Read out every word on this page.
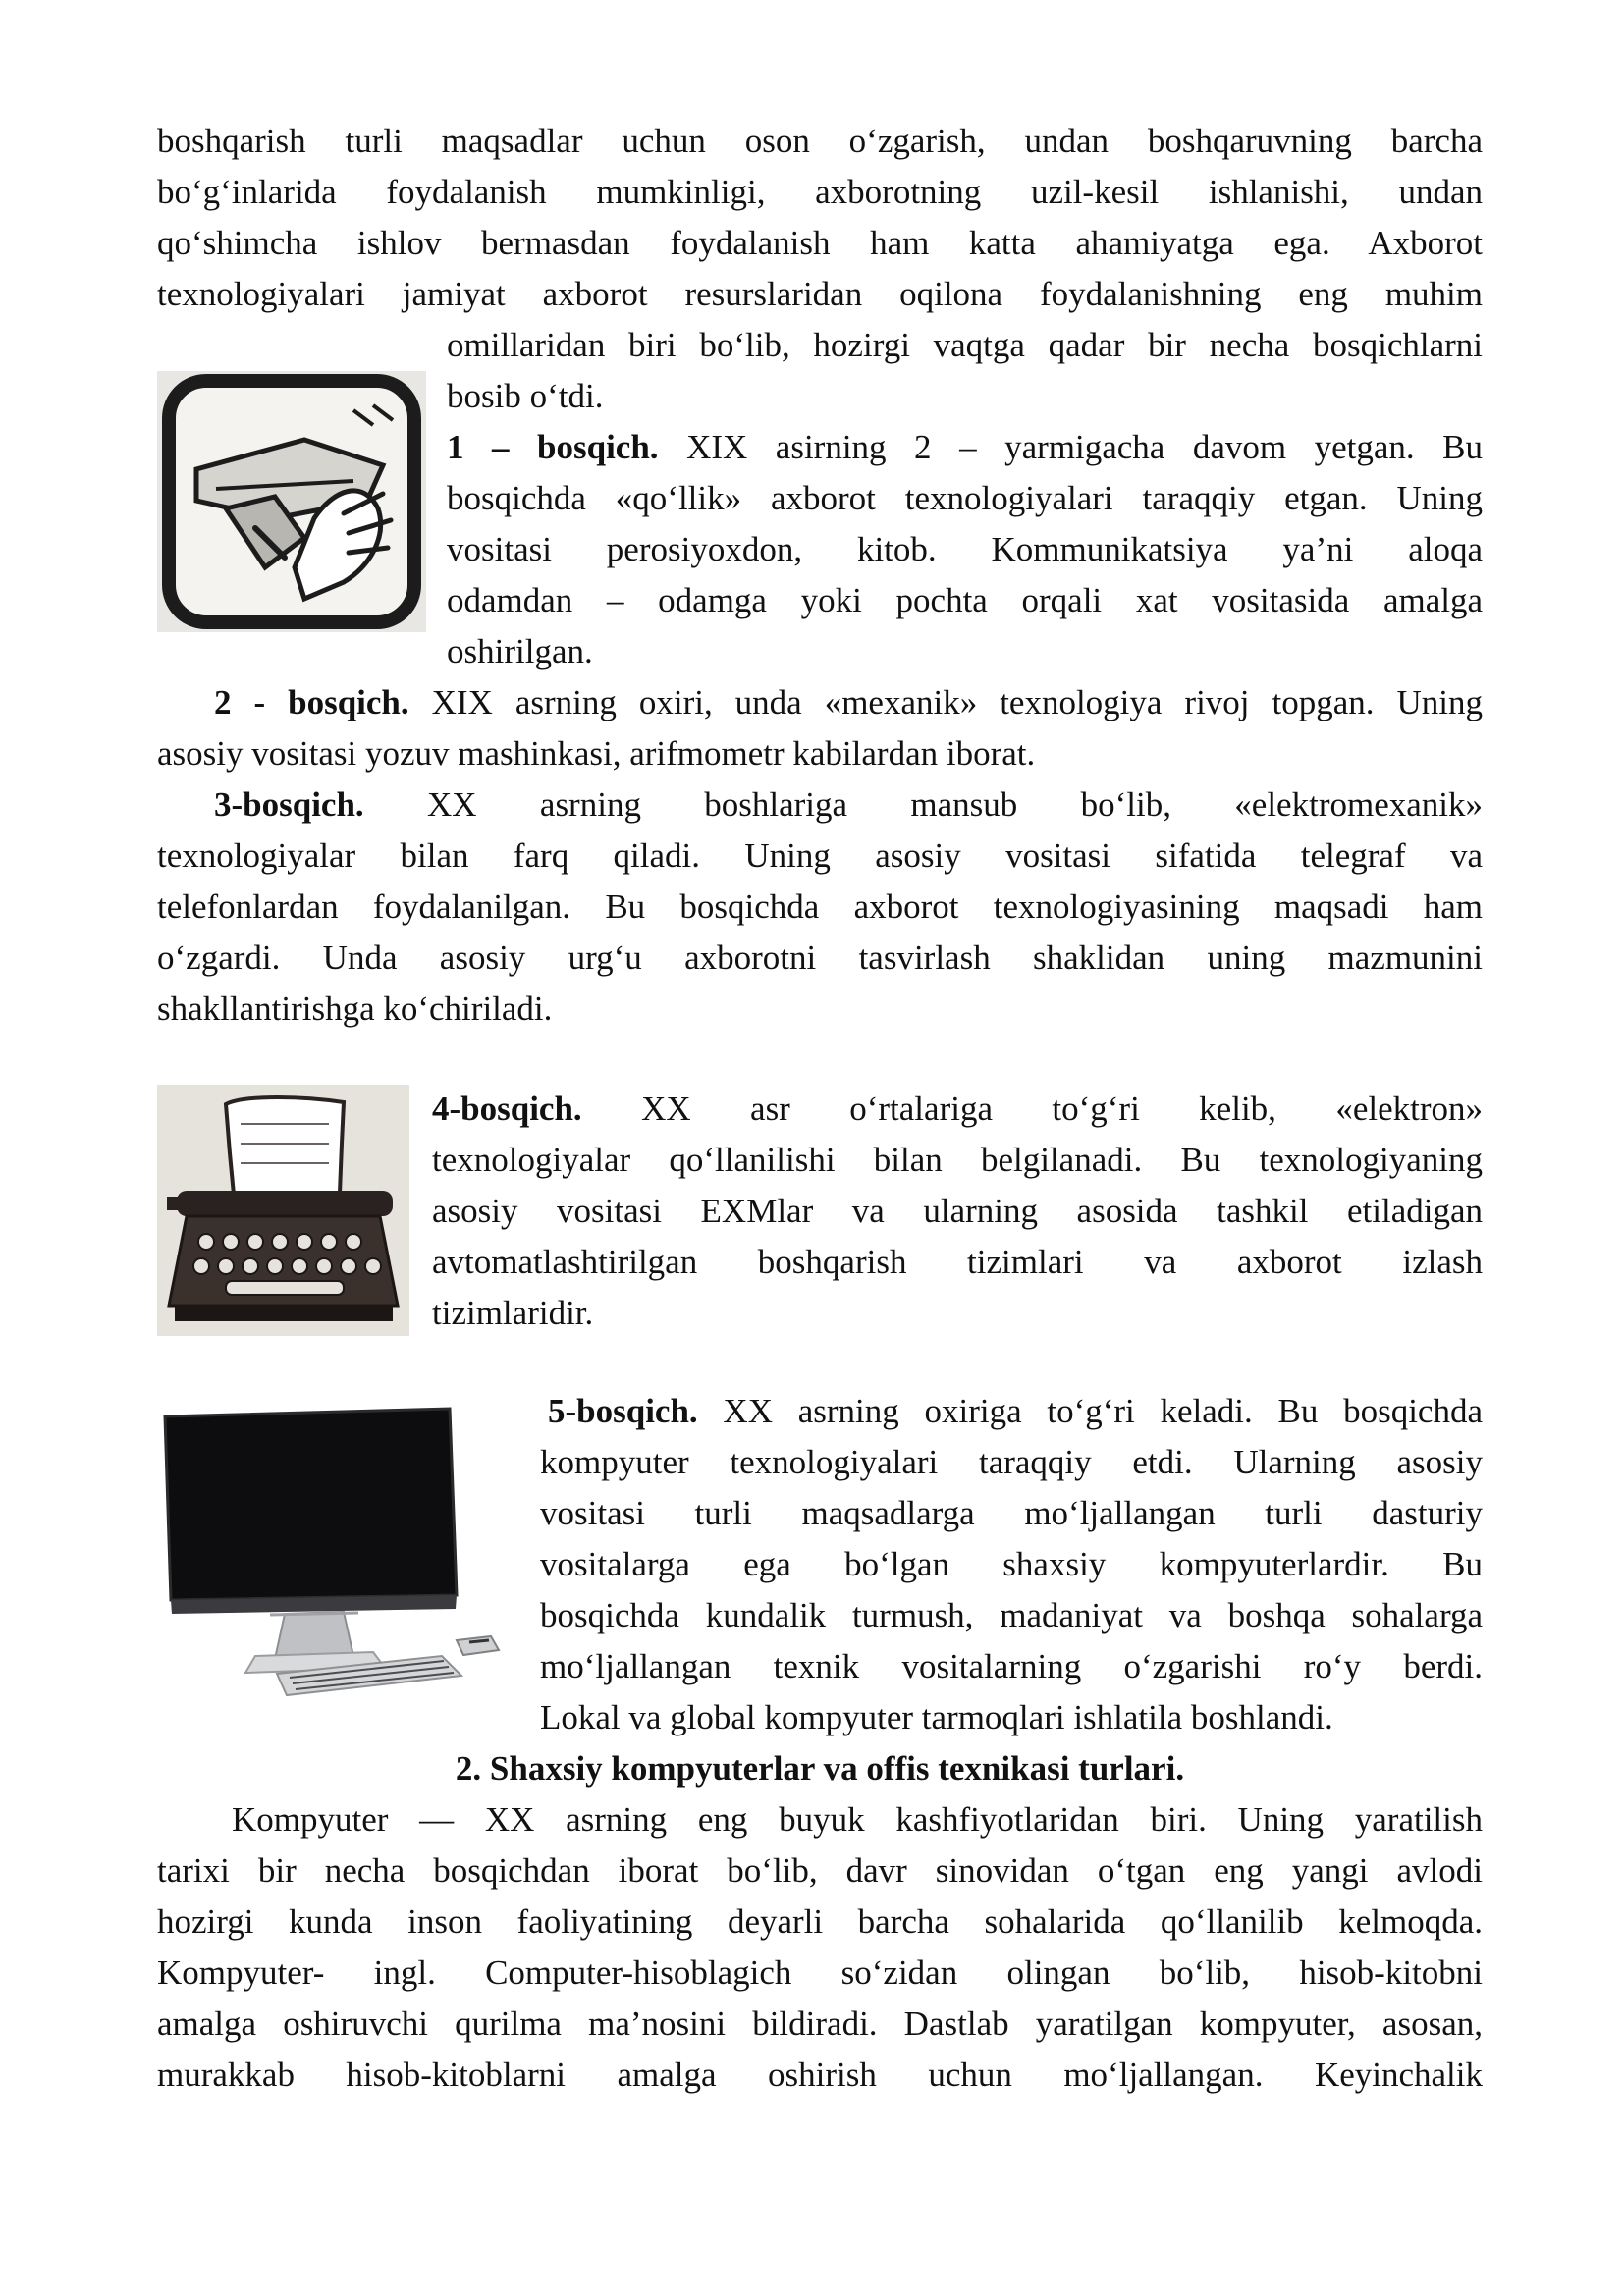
boshqarish turli maqsadlar uchun oson o‘zgarish, undan boshqaruvning barcha
bo‘g‘inlarida foydalanish mumkinligi, axborotning uzil-kesil ishlanishi, undan
qo‘shimcha ishlov bermasdan foydalanish ham katta ahamiyatga ega. Axborot
texnologiyalari jamiyat axborot resurslaridan oqilona foydalanishning eng muhim
omillaridan biri bo‘lib, hozirgi vaqtga qadar bir necha bosqichlarni
bosib o‘tdi.
1 – bosqich. XIX asirning 2 – yarmigacha davom yetgan. Bu
bosqichda «qo‘llik» axborot texnologiyalari taraqqiy etgan. Uning
vositasi perosiyoxdon, kitob. Kommunikatsiya ya’ni aloqa
odamdan – odamga yoki pochta orqali xat vositasida amalga
oshirilgan.
2 - bosqich. XIX asrning oxiri, unda «mexanik» texnologiya rivoj topgan. Uning
asosiy vositasi yozuv mashinkasi, arifmometr kabilardan iborat.
3-bosqich. XX asrning boshlariga mansub bo‘lib, «elektromexanik»
texnologiyalar bilan farq qiladi. Uning asosiy vositasi sifatida telegraf va
telefonlardan foydalanilgan. Bu bosqichda axborot texnologiyasining maqsadi ham
o‘zgardi. Unda asosiy urg‘u axborotni tasvirlash shaklidan uning mazmunini
shakllantirishga ko‘chiriladi.
4-bosqich. XX asr o‘rtalariga to‘g‘ri kelib, «elektron»
texnologiyalar qo‘llanilishi bilan belgilanadi. Bu texnologiyaning
asosiy vositasi EXMlar va ularning asosida tashkil etiladigan
avtomatlashtirilgan boshqarish tizimlari va axborot izlash
tizimlaridir.
5-bosqich. XX asrning oxiriga to‘g‘ri keladi. Bu bosqichda
kompyuter texnologiyalari taraqqiy etdi. Ularning asosiy
vositasi turli maqsadlarga mo‘ljallangan turli dasturiy
vositalarga ega bo‘lgan shaxsiy kompyuterlardir. Bu
bosqichda kundalik turmush, madaniyat va boshqa sohalarga
mo‘ljallangan texnik vositalarning o‘zgarishi ro‘y berdi.
Lokal va global kompyuter tarmoqlari ishlatila boshlandi.
2. Shaxsiy kompyuterlar va offis texnikasi turlari.
Kompyuter — XX asrning eng buyuk kashfiyotlaridan biri. Uning yaratilish
tarixi bir necha bosqichdan iborat bo‘lib, davr sinovidan o‘tgan eng yangi avlodi
hozirgi kunda inson faoliyatining deyarli barcha sohalarida qo‘llanilib kelmoqda.
Kompyuter- ingl. Computer-hisoblagich so‘zidan olingan bo‘lib, hisob-kitobni
amalga oshiruvchi qurilma ma’nosini bildiradi. Dastlab yaratilgan kompyuter, asosan,
murakkab hisob-kitoblarni amalga oshirish uchun mo‘ljallangan. Keyinchalik
